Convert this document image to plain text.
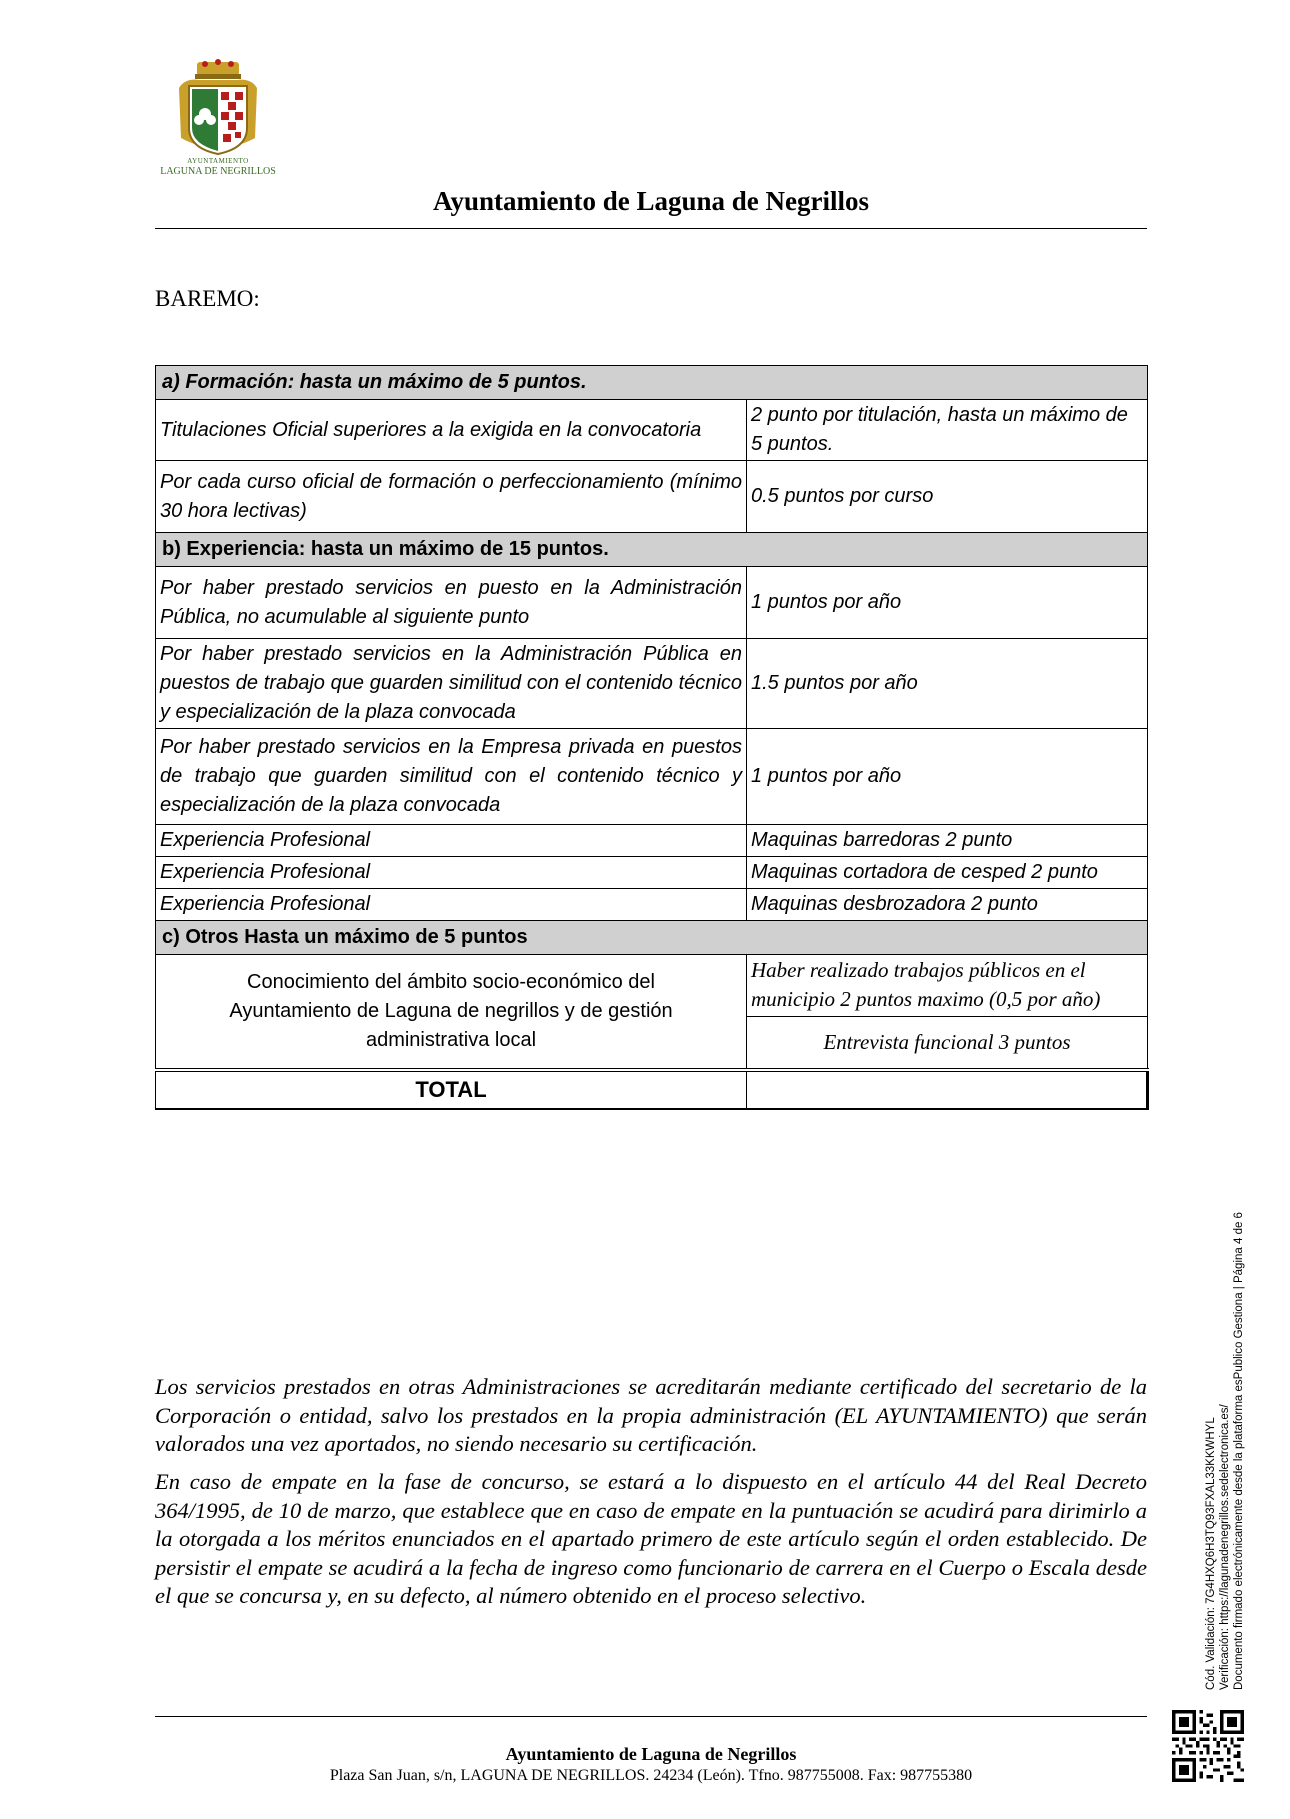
AYUNTAMIENTO
LAGUNA DE NEGRILLOS
Ayuntamiento de Laguna de Negrillos
BAREMO:
a) Formación: hasta un máximo de 5 puntos.	
Titulaciones Oficial superiores a la exigida en la convocatoria	2 punto por titulación, hasta un máximo de 5 puntos.
Por cada curso oficial de formación o perfeccionamiento (mínimo 30 hora lectivas)	0.5 puntos por curso
b) Experiencia: hasta un máximo de 15 puntos.	
Por haber prestado servicios en puesto en la Administración Pública, no acumulable al siguiente punto	1 puntos por año
Por haber prestado servicios en la Administración Pública en puestos de trabajo que guarden similitud con el contenido técnico y especialización de la plaza convocada	1.5 puntos por año
Por haber prestado servicios en la Empresa privada en puestos de trabajo que guarden similitud con el contenido técnico y especialización de la plaza convocada	1 puntos por año
Experiencia Profesional	Maquinas barredoras 2 punto
Experiencia Profesional	Maquinas cortadora de cesped 2 punto
Experiencia Profesional	Maquinas desbrozadora 2 punto
c) Otros Hasta un máximo de 5 puntos	
Conocimiento del ámbito socio-económico del Ayuntamiento de Laguna de negrillos y de gestión administrativa local	Haber realizado trabajos públicos en el municipio 2 puntos maximo (0,5 por año)
	Entrevista funcional 3 puntos
TOTAL	
Cód. Validación: 7G4HXQ6H3TQ93FXAL33KKWHYL Verificación: https://lagunadenegrillos.sedelectronica.es/ Documento firmado electrónicamente desde la plataforma esPublico Gestiona | Página 4 de 6
Los servicios prestados en otras Administraciones se acreditarán mediante certificado del secretario de la Corporación o entidad, salvo los prestados en la propia administración (EL AYUNTAMIENTO) que serán valorados una vez aportados, no siendo necesario su certificación.
En caso de empate en la fase de concurso, se estará a lo dispuesto en el artículo 44 del Real Decreto 364/1995, de 10 de marzo, que establece que en caso de empate en la puntuación se acudirá para dirimirlo a la otorgada a los méritos enunciados en el apartado primero de este artículo según el orden establecido. De persistir el empate se acudirá a la fecha de ingreso como funcionario de carrera en el Cuerpo o Escala desde el que se concursa y, en su defecto, al número obtenido en el proceso selectivo.
Ayuntamiento de Laguna de Negrillos
Plaza San Juan, s/n, LAGUNA DE NEGRILLOS. 24234 (León). Tfno. 987755008. Fax: 987755380
